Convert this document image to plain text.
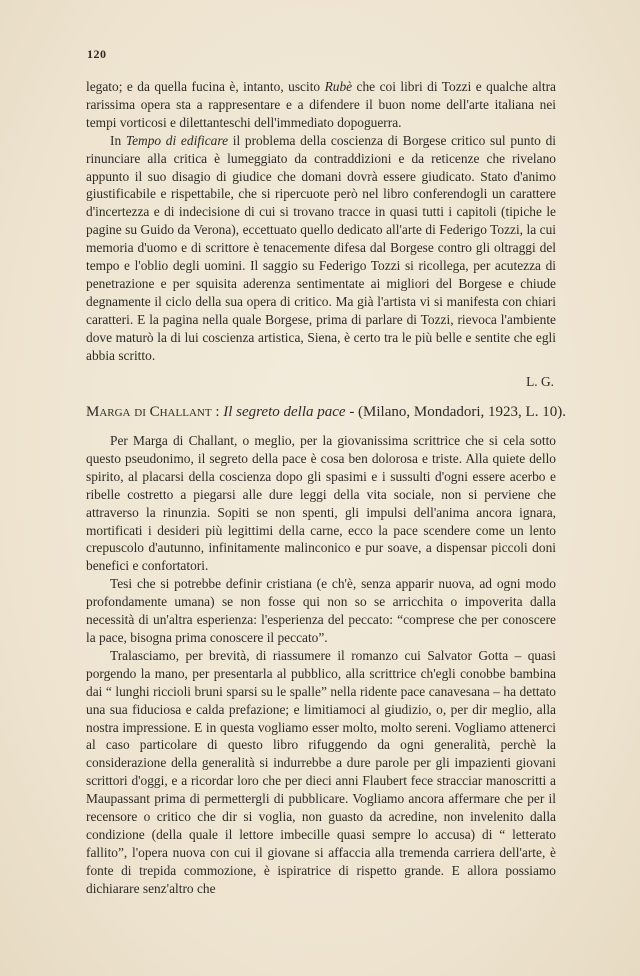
120

legato; e da quella fucina è, intanto, uscito Rubè che coi libri di Tozzi e qualche altra rarissima opera sta a rappresentare e a difendere il buon nome dell'arte italiana nei tempi vorticosi e dilettanteschi dell'immediato dopoguerra.

In Tempo di edificare il problema della coscienza di Borgese critico sul punto di rinunciare alla critica è lumeggiato da contraddizioni e da reticenze che rivelano appunto il suo disagio di giudice che domani dovrà essere giudicato. Stato d'animo giustificabile e rispettabile, che si ripercuote però nel libro conferendogli un carattere d'incertezza e di indecisione di cui si trovano tracce in quasi tutti i capitoli (tipiche le pagine su Guido da Verona), eccettuato quello dedicato all'arte di Federigo Tozzi, la cui memoria d'uomo e di scrittore è tenacemente difesa dal Borgese contro gli oltraggi del tempo e l'oblio degli uomini. Il saggio su Federigo Tozzi si ricollega, per acutezza di penetrazione e per squisita aderenza sentimentate ai migliori del Borgese e chiude degnamente il ciclo della sua opera di critico. Ma già l'artista vi si manifesta con chiari caratteri. E la pagina nella quale Borgese, prima di parlare di Tozzi, rievoca l'ambiente dove maturò la di lui coscienza artistica, Siena, è certo tra le più belle e sentite che egli abbia scritto.

L. G.
Marga di Challant : Il segreto della pace - (Milano, Mondadori, 1923, L. 10).

Per Marga di Challant, o meglio, per la giovanissima scrittrice che si cela sotto questo pseudonimo, il segreto della pace è cosa ben dolorosa e triste. Alla quiete dello spirito, al placarsi della coscienza dopo gli spasimi e i sussulti d'ogni essere acerbo e ribelle costretto a piegarsi alle dure leggi della vita sociale, non si perviene che attraverso la rinunzia. Sopiti se non spenti, gli impulsi dell'anima ancora ignara, mortificati i desideri più legittimi della carne, ecco la pace scendere come un lento crepuscolo d'autunno, infinitamente malinconico e pur soave, a dispensar piccoli doni benefici e confortatori.

Tesi che si potrebbe definir cristiana (e ch'è, senza apparir nuova, ad ogni modo profondamente umana) se non fosse qui non so se arricchita o impoverita dalla necessità di un'altra esperienza: l'esperienza del peccato: “comprese che per conoscere la pace, bisogna prima conoscere il peccato”.

Tralasciamo, per brevità, di riassumere il romanzo cui Salvator Gotta – quasi porgendo la mano, per presentarla al pubblico, alla scrittrice ch'egli conobbe bambina dai “ lunghi riccioli bruni sparsi su le spalle” nella ridente pace canavesana – ha dettato una sua fiduciosa e calda prefazione; e limitiamoci al giudizio, o, per dir meglio, alla nostra impressione. E in questa vogliamo esser molto, molto sereni. Vogliamo attenerci al caso particolare di questo libro rifuggendo da ogni generalità, perchè la considerazione della generalità si indurrebbe a dure parole per gli impazienti giovani scrittori d'oggi, e a ricordar loro che per dieci anni Flaubert fece stracciar manoscritti a Maupassant prima di permettergli di pubblicare. Vogliamo ancora affermare che per il recensore o critico che dir si voglia, non guasto da acredine, non invelenito dalla condizione (della quale il lettore imbecille quasi sempre lo accusa) di “ letterato fallito”, l'opera nuova con cui il giovane si affaccia alla tremenda carriera dell'arte, è fonte di trepida commozione, è ispiratrice di rispetto grande. E allora possiamo dichiarare senz'altro che
